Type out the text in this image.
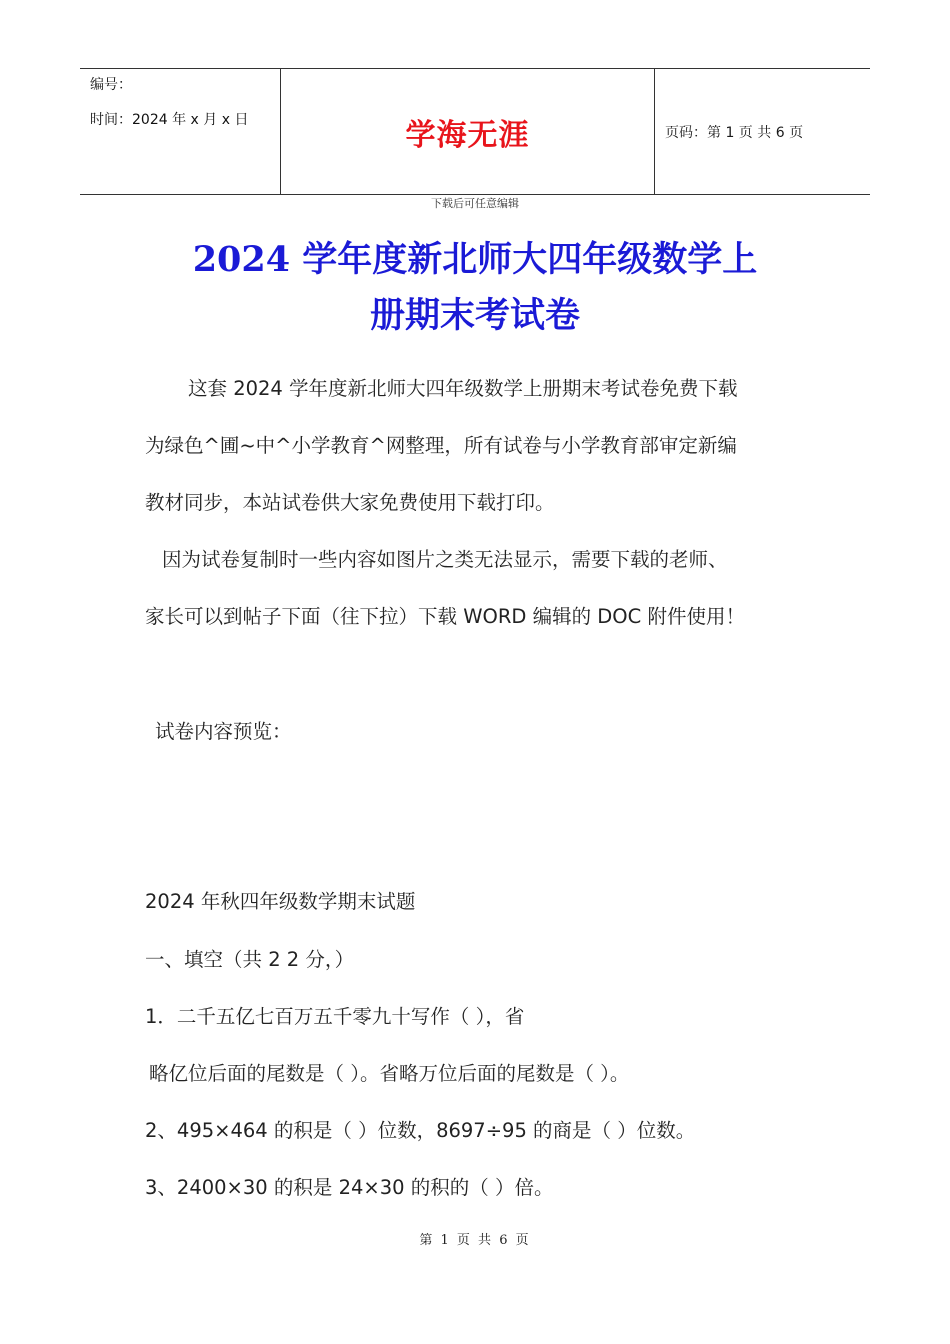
编号：
时间：2024 年 x 月 x 日	学海无涯	页码：第 1 页 共 6 页
下载后可任意编辑
2024 学年度新北师大四年级数学上
册期末考试卷
这套 2024 学年度新北师大四年级数学上册期末考试卷免费下载
为绿色^圃~中^小学教育^网整理，所有试卷与小学教育部审定新编
教材同步，本站试卷供大家免费使用下载打印。
因为试卷复制时一些内容如图片之类无法显示，需要下载的老师、
家长可以到帖子下面（往下拉）下载 WORD 编辑的 DOC 附件使用！
试卷内容预览：
2024 年秋四年级数学期末试题
一、填空（共 2 2 分，）
1．二千五亿七百万五千零九十写作（ ），省
略亿位后面的尾数是（ ）。省略万位后面的尾数是（ ）。
2、495×464 的积是（ ）位数，8697÷95 的商是（ ）位数。
3、2400×30 的积是 24×30 的积的（ ）倍。
第 1 页 共 6 页
